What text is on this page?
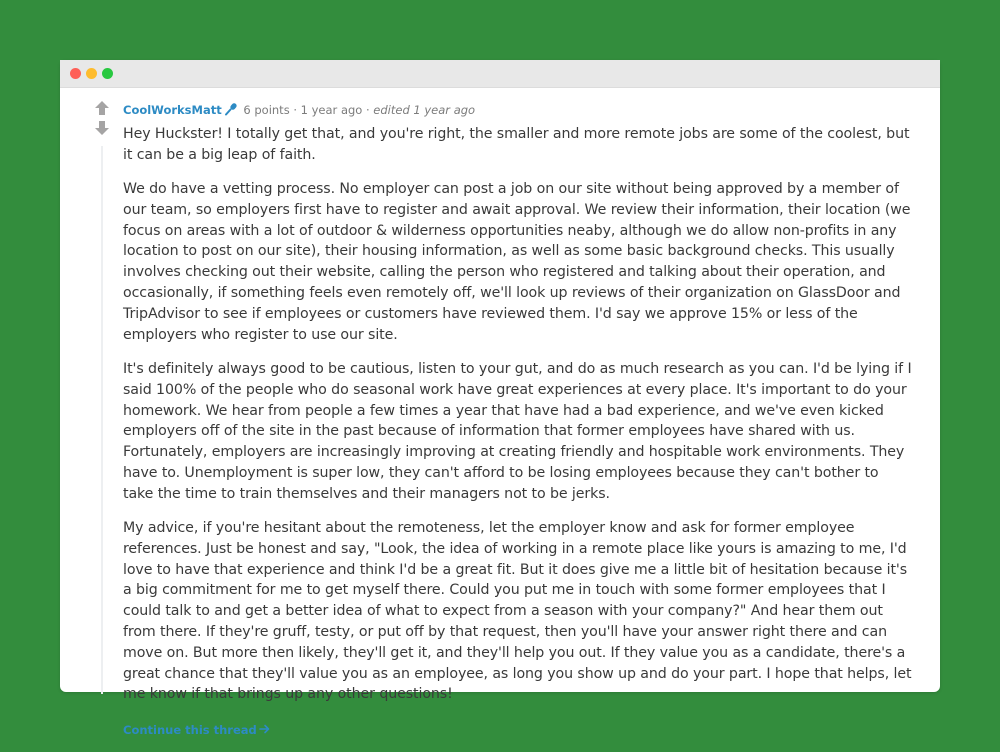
CoolWorksMatt 6 points · 1 year ago · edited 1 year ago

Hey Huckster! I totally get that, and you're right, the smaller and more remote jobs are some of the coolest, but it can be a big leap of faith.

We do have a vetting process. No employer can post a job on our site without being approved by a member of our team, so employers first have to register and await approval. We review their information, their location (we focus on areas with a lot of outdoor & wilderness opportunities neaby, although we do allow non-profits in any location to post on our site), their housing information, as well as some basic background checks. This usually involves checking out their website, calling the person who registered and talking about their operation, and occasionally, if something feels even remotely off, we'll look up reviews of their organization on GlassDoor and TripAdvisor to see if employees or customers have reviewed them. I'd say we approve 15% or less of the employers who register to use our site.

It's definitely always good to be cautious, listen to your gut, and do as much research as you can. I'd be lying if I said 100% of the people who do seasonal work have great experiences at every place. It's important to do your homework. We hear from people a few times a year that have had a bad experience, and we've even kicked employers off of the site in the past because of information that former employees have shared with us. Fortunately, employers are increasingly improving at creating friendly and hospitable work environments. They have to. Unemployment is super low, they can't afford to be losing employees because they can't bother to take the time to train themselves and their managers not to be jerks.

My advice, if you're hesitant about the remoteness, let the employer know and ask for former employee references. Just be honest and say, "Look, the idea of working in a remote place like yours is amazing to me, I'd love to have that experience and think I'd be a great fit. But it does give me a little bit of hesitation because it's a big commitment for me to get myself there. Could you put me in touch with some former employees that I could talk to and get a better idea of what to expect from a season with your company?" And hear them out from there. If they're gruff, testy, or put off by that request, then you'll have your answer right there and can move on. But more then likely, they'll get it, and they'll help you out. If they value you as a candidate, there's a great chance that they'll value you as an employee, as long you show up and do your part. I hope that helps, let me know if that brings up any other questions!

Continue this thread
